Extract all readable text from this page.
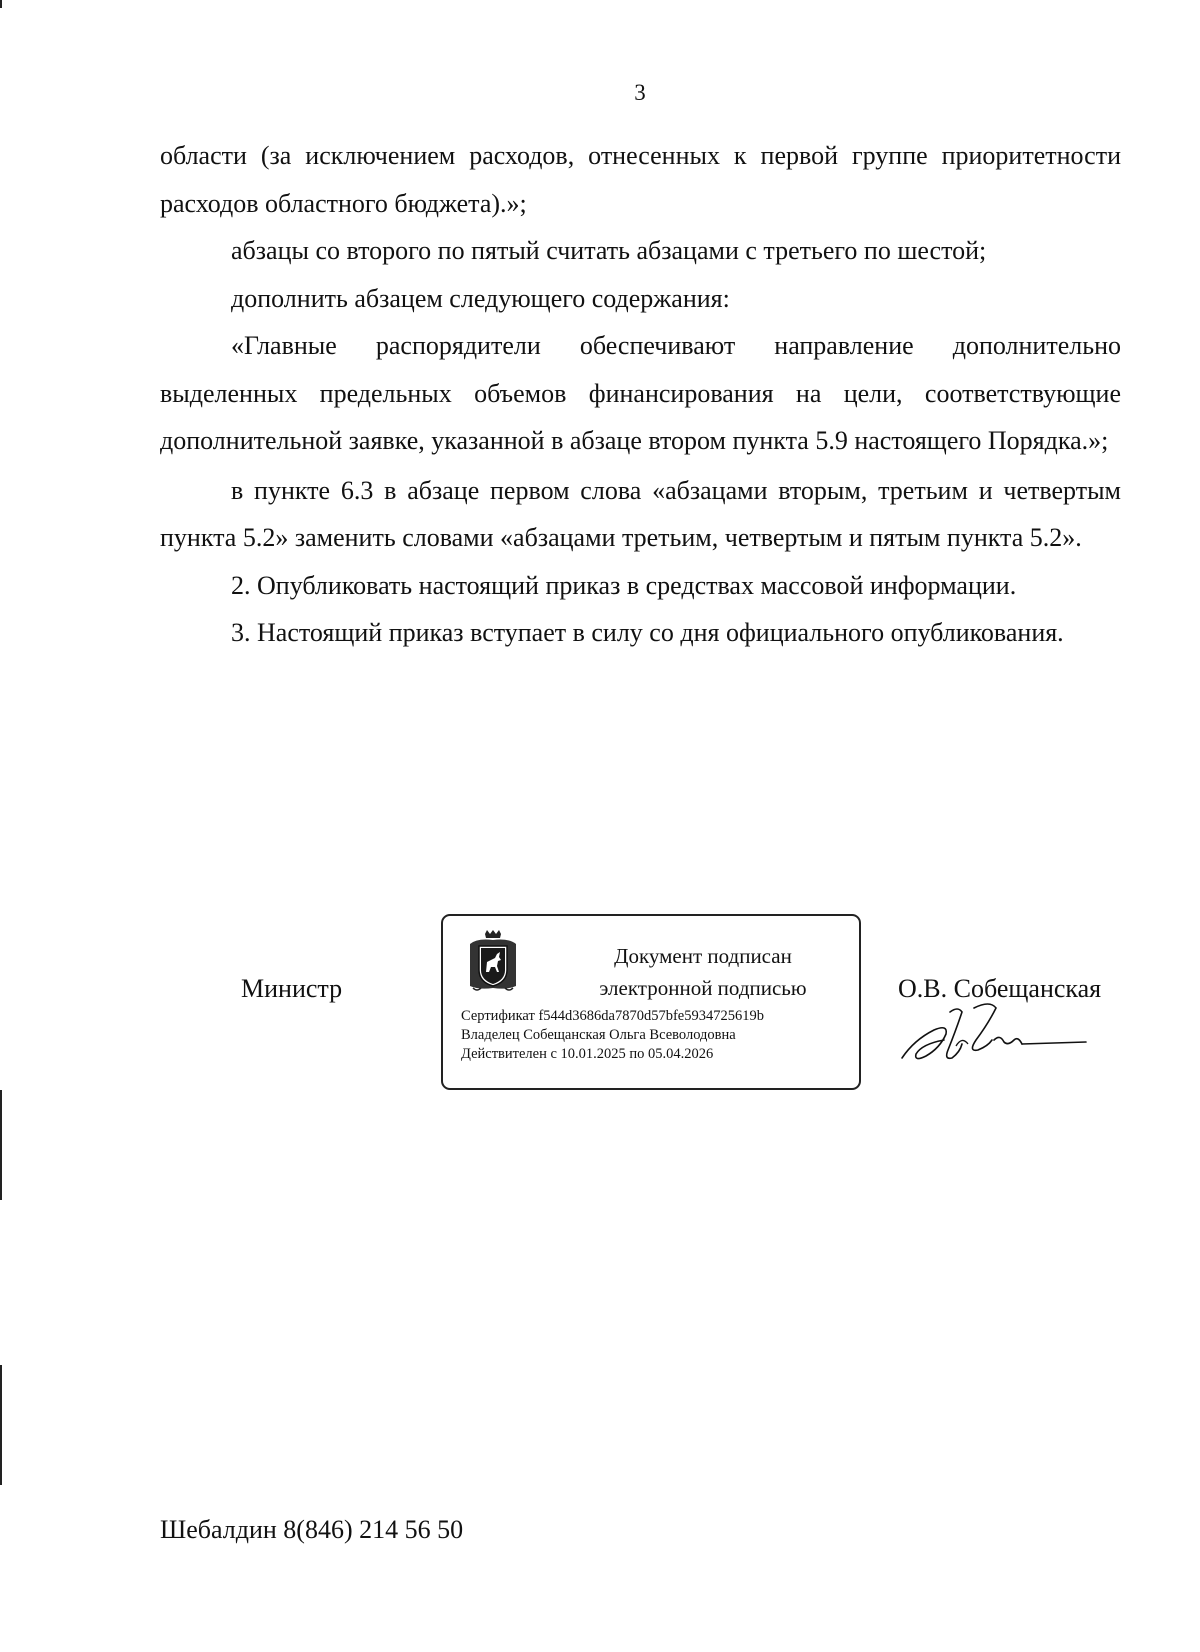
3

области (за исключением расходов, отнесенных к первой группе приоритетности расходов областного бюджета).»;

абзацы со второго по пятый считать абзацами с третьего по шестой;

дополнить абзацем следующего содержания:

«Главные распорядители обеспечивают направление дополнительно выделенных предельных объемов финансирования на цели, соответствующие дополнительной заявке, указанной в абзаце втором пункта 5.9 настоящего Порядка.»;

в пункте 6.3 в абзаце первом слова «абзацами вторым, третьим и четвертым пункта 5.2» заменить словами «абзацами третьим, четвертым и пятым пункта 5.2».

2. Опубликовать настоящий приказ в средствах массовой информации.

3. Настоящий приказ вступает в силу со дня официального опубликования.

Министр
Документ подписан
электронной подписью
Сертификат f544d3686da7870d57bfe5934725619b
Владелец Собещанская Ольга Всеволодовна
Действителен с 10.01.2025 по 05.04.2026
О.В. Собещанская
Шебалдин 8(846) 214 56 50
